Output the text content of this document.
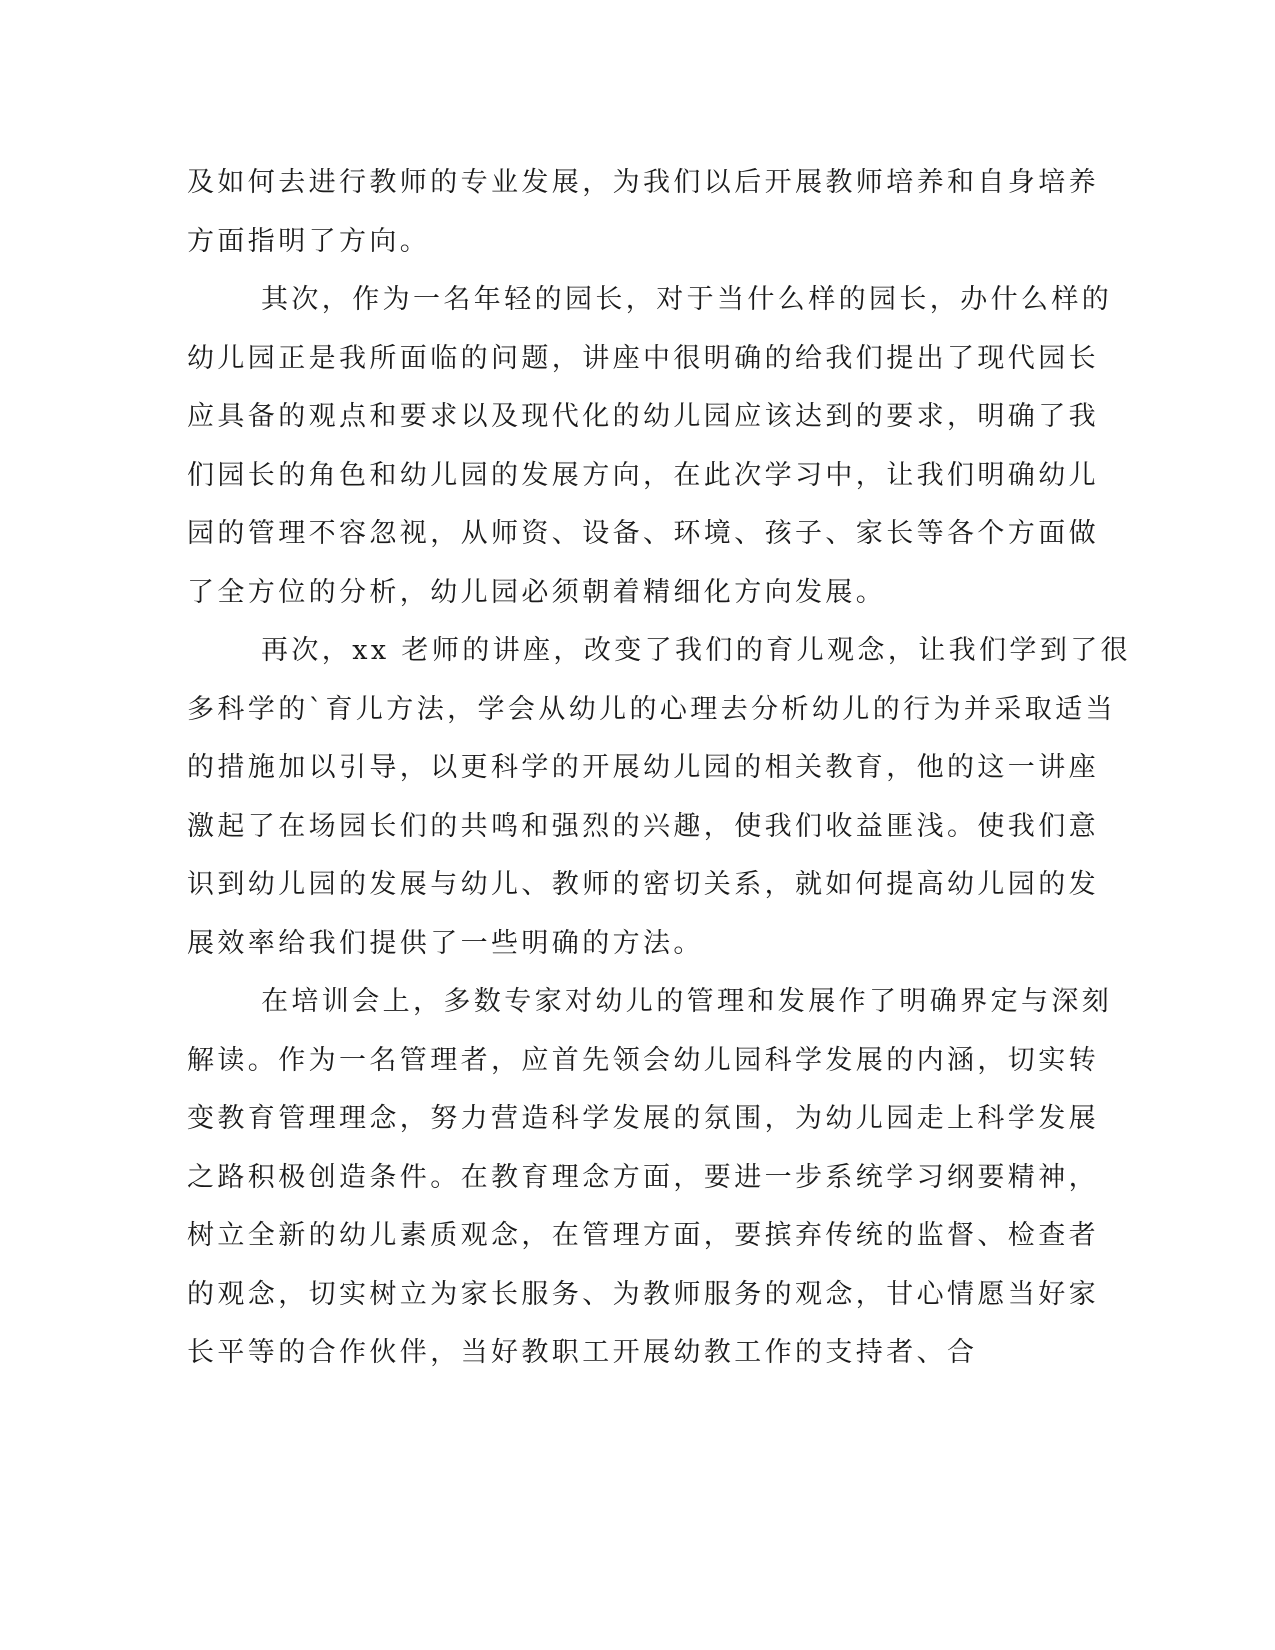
及如何去进行教师的专业发展，为我们以后开展教师培养和自身培养
方面指明了方向。
其次，作为一名年轻的园长，对于当什么样的园长，办什么样的
幼儿园正是我所面临的问题，讲座中很明确的给我们提出了现代园长
应具备的观点和要求以及现代化的幼儿园应该达到的要求，明确了我
们园长的角色和幼儿园的发展方向，在此次学习中，让我们明确幼儿
园的管理不容忽视，从师资、设备、环境、孩子、家长等各个方面做
了全方位的分析，幼儿园必须朝着精细化方向发展。
再次，xx 老师的讲座，改变了我们的育儿观念，让我们学到了很
多科学的`育儿方法，学会从幼儿的心理去分析幼儿的行为并采取适当
的措施加以引导，以更科学的开展幼儿园的相关教育，他的这一讲座
激起了在场园长们的共鸣和强烈的兴趣，使我们收益匪浅。使我们意
识到幼儿园的发展与幼儿、教师的密切关系，就如何提高幼儿园的发
展效率给我们提供了一些明确的方法。
在培训会上，多数专家对幼儿的管理和发展作了明确界定与深刻
解读。作为一名管理者，应首先领会幼儿园科学发展的内涵，切实转
变教育管理理念，努力营造科学发展的氛围，为幼儿园走上科学发展
之路积极创造条件。在教育理念方面，要进一步系统学习纲要精神，
树立全新的幼儿素质观念，在管理方面，要摈弃传统的监督、检查者
的观念，切实树立为家长服务、为教师服务的观念，甘心情愿当好家
长平等的合作伙伴，当好教职工开展幼教工作的支持者、合
